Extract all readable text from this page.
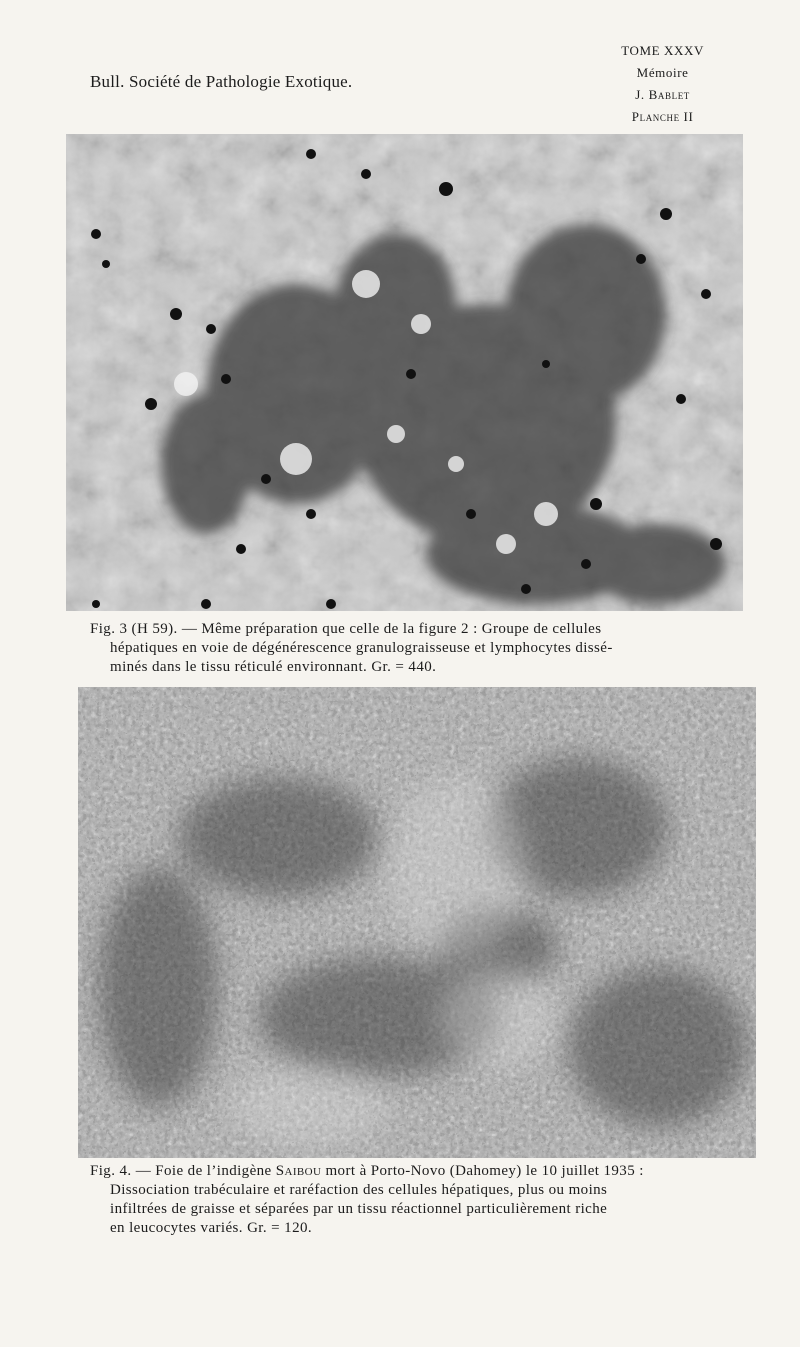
Bull. Société de Pathologie Exotique.
TOME XXXV
Mémoire
J. Bablet
Planche II
Fig. 3 (H 59). — Même préparation que celle de la figure 2 : Groupe de cellules
hépatiques en voie de dégénérescence granulograisseuse et lymphocytes dissé-
minés dans le tissu réticulé environnant. Gr. = 440.
Fig. 4. — Foie de l’indigène Saibou mort à Porto-Novo (Dahomey) le 10 juillet 1935 :
Dissociation trabéculaire et raréfaction des cellules hépatiques, plus ou moins
infiltrées de graisse et séparées par un tissu réactionnel particulièrement riche
en leucocytes variés. Gr. = 120.
